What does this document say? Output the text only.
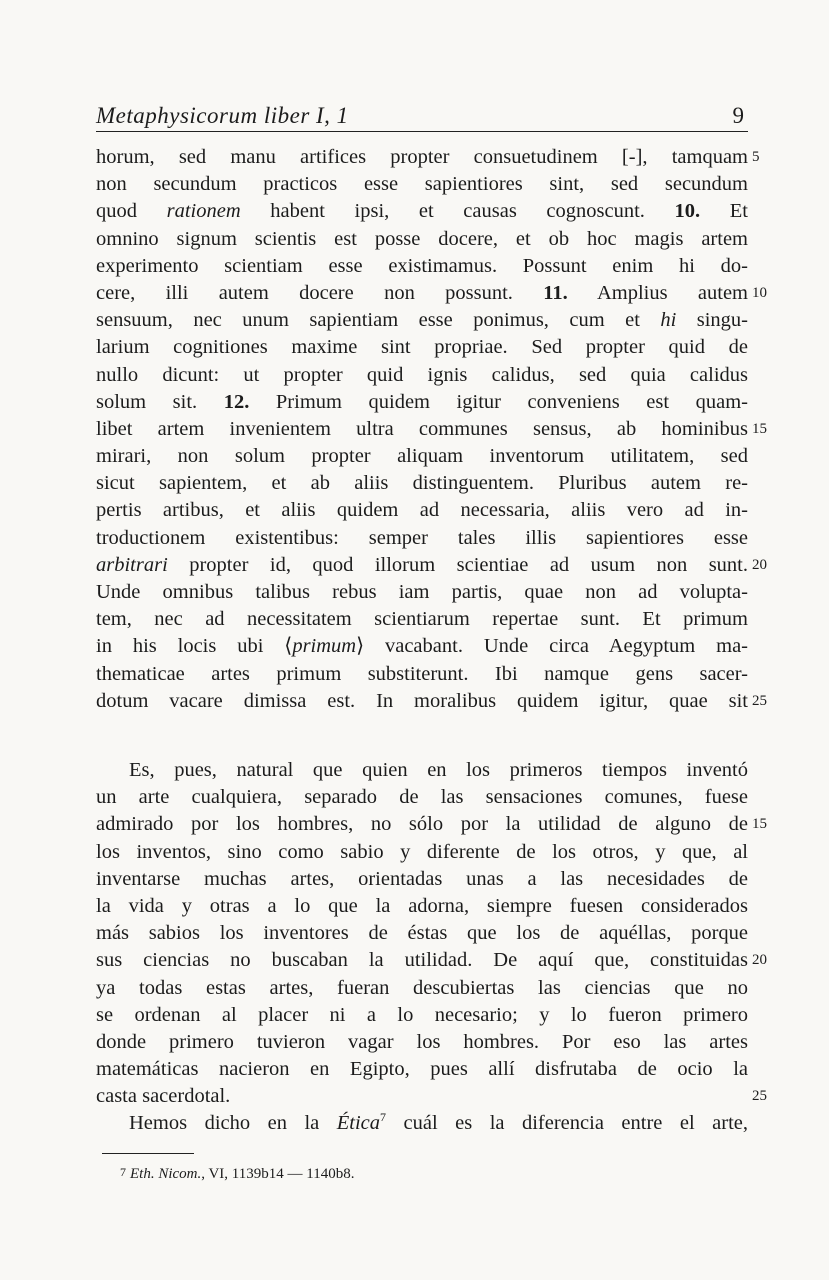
Metaphysicorum liber I, 1	9
horum, sed manu artifices propter consuetudinem [-], tamquam 5
non secundum practicos esse sapientiores sint, sed secundum
quod rationem habent ipsi, et causas cognoscunt. 10. Et
omnino signum scientis est posse docere, et ob hoc magis artem
experimento scientiam esse existimamus. Possunt enim hi do-
cere, illi autem docere non possunt. 11. Amplius autem 10
sensuum, nec unum sapientiam esse ponimus, cum et hi singu-
larium cognitiones maxime sint propriae. Sed propter quid de
nullo dicunt: ut propter quid ignis calidus, sed quia calidus
solum sit. 12. Primum quidem igitur conveniens est quam-
libet artem invenientem ultra communes sensus, ab hominibus 15
mirari, non solum propter aliquam inventorum utilitatem, sed
sicut sapientem, et ab aliis distinguentem. Pluribus autem re-
pertis artibus, et aliis quidem ad necessaria, aliis vero ad in-
troductionem existentibus: semper tales illis sapientiores esse
arbitrari propter id, quod illorum scientiae ad usum non sunt. 20
Unde omnibus talibus rebus iam partis, quae non ad volupta-
tem, nec ad necessitatem scientiarum repertae sunt. Et primum
in his locis ubi ⟨primum⟩ vacabant. Unde circa Aegyptum ma-
thematicae artes primum substiterunt. Ibi namque gens sacer-
dotum vacare dimissa est. In moralibus quidem igitur, quae sit 25
Es, pues, natural que quien en los primeros tiempos inventó
un arte cualquiera, separado de las sensaciones comunes, fuese
admirado por los hombres, no sólo por la utilidad de alguno de 15
los inventos, sino como sabio y diferente de los otros, y que, al
inventarse muchas artes, orientadas unas a las necesidades de
la vida y otras a lo que la adorna, siempre fuesen considerados
más sabios los inventores de éstas que los de aquéllas, porque
sus ciencias no buscaban la utilidad. De aquí que, constituidas 20
ya todas estas artes, fueran descubiertas las ciencias que no
se ordenan al placer ni a lo necesario; y lo fueron primero
donde primero tuvieron vagar los hombres. Por eso las artes
matemáticas nacieron en Egipto, pues allí disfrutaba de ocio la
casta sacerdotal.	25
Hemos dicho en la Ética$^7$ cuál es la diferencia entre el arte,
7 Eth. Nicom., VI, 1139b14 — 1140b8.
